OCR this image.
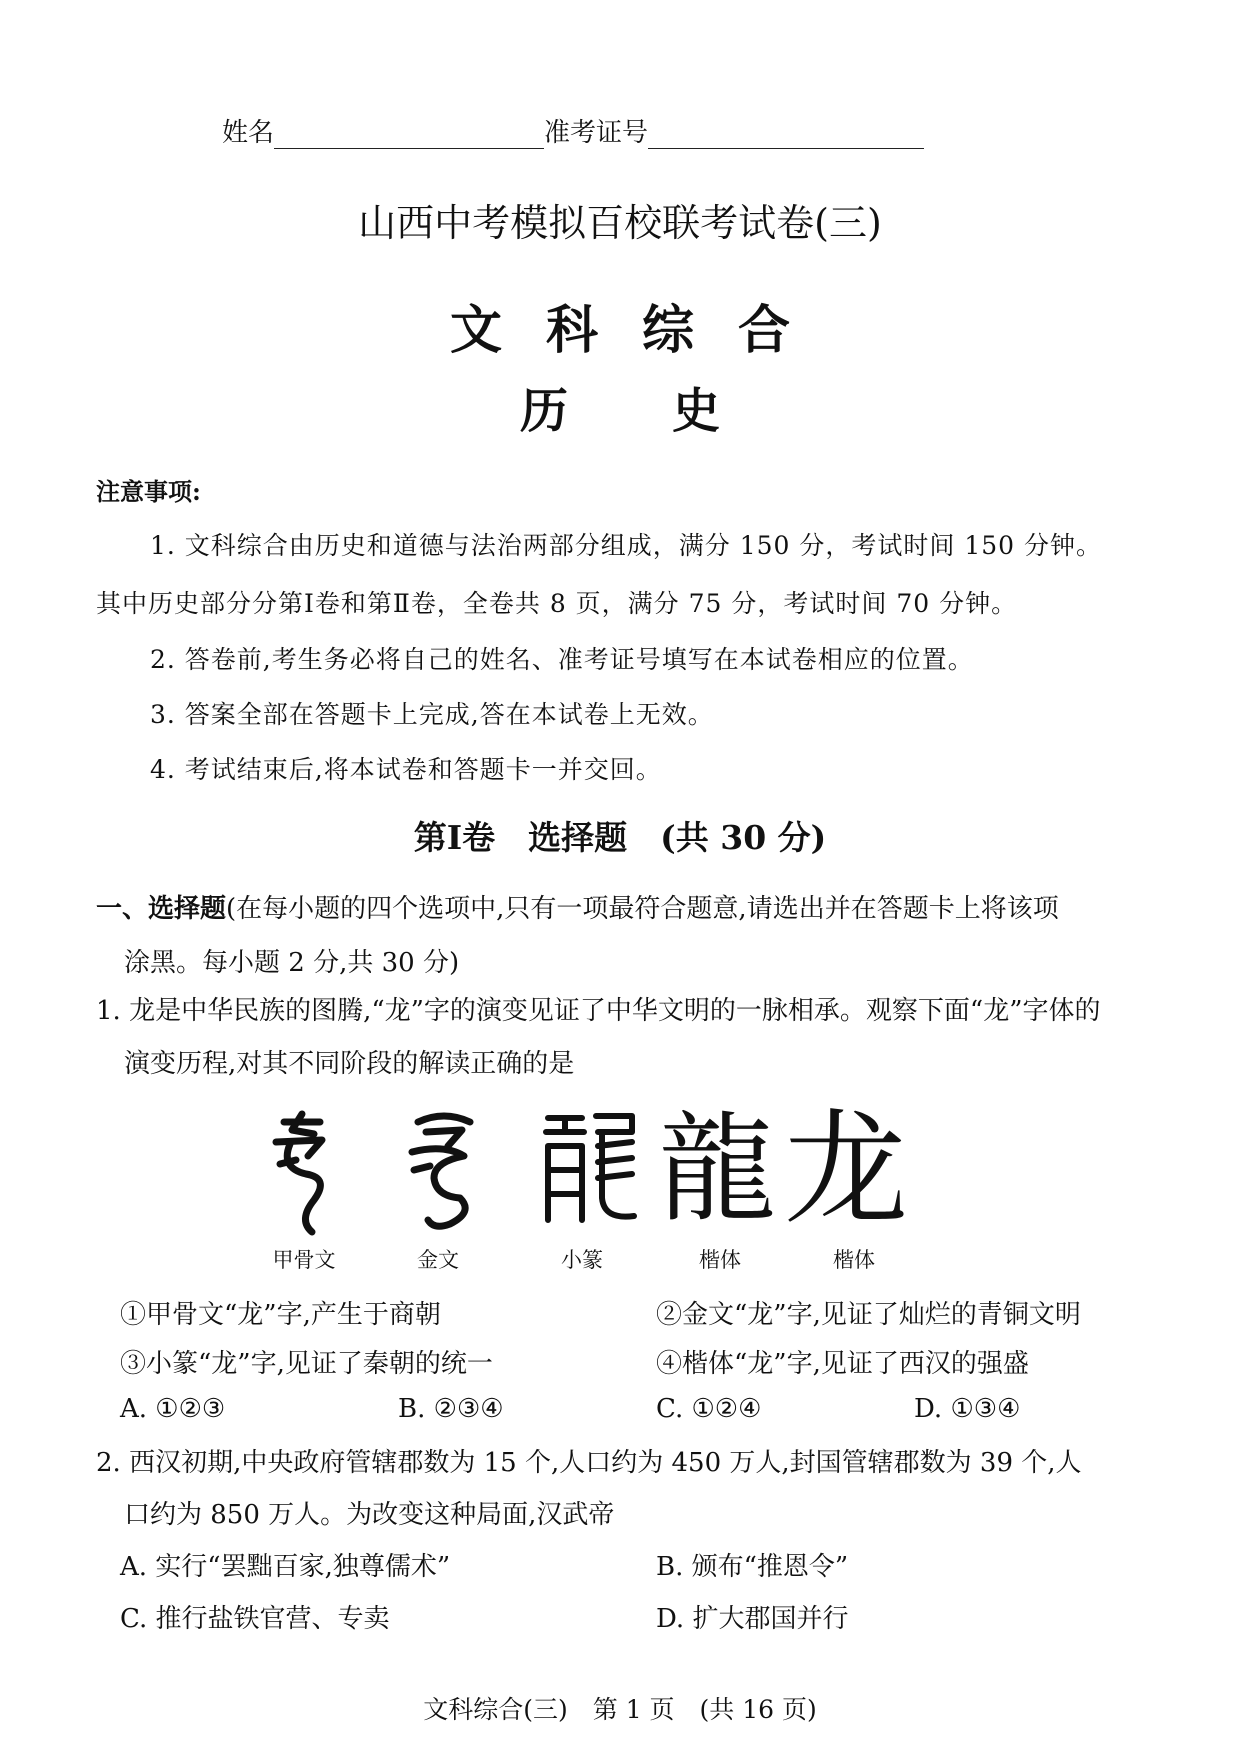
姓名	准考证号
山西中考模拟百校联考试卷(三)
文科综合
历史
注意事项:
1. 文科综合由历史和道德与法治两部分组成，满分 150 分，考试时间 150 分钟。
其中历史部分分第Ⅰ卷和第Ⅱ卷，全卷共 8 页，满分 75 分，考试时间 70 分钟。
2. 答卷前,考生务必将自己的姓名、准考证号填写在本试卷相应的位置。
3. 答案全部在答题卡上完成,答在本试卷上无效。
4. 考试结束后,将本试卷和答题卡一并交回。
第Ⅰ卷　选择题　(共 30 分)
一、选择题(在每小题的四个选项中,只有一项最符合题意,请选出并在答题卡上将该项
涂黑。每小题 2 分,共 30 分)
1. 龙是中华民族的图腾,“龙”字的演变见证了中华文明的一脉相承。观察下面“龙”字体的
演变历程,对其不同阶段的解读正确的是
龍 龙
甲骨文	金文	小篆	楷体	楷体
①甲骨文“龙”字,产生于商朝	②金文“龙”字,见证了灿烂的青铜文明
③小篆“龙”字,见证了秦朝的统一	④楷体“龙”字,见证了西汉的强盛
A. ①②③	B. ②③④	C. ①②④	D. ①③④
2. 西汉初期,中央政府管辖郡数为 15 个,人口约为 450 万人,封国管辖郡数为 39 个,人
口约为 850 万人。为改变这种局面,汉武帝
A. 实行“罢黜百家,独尊儒术”	B. 颁布“推恩令”
C. 推行盐铁官营、专卖	D. 扩大郡国并行
文科综合(三)　第 1 页　(共 16 页)
